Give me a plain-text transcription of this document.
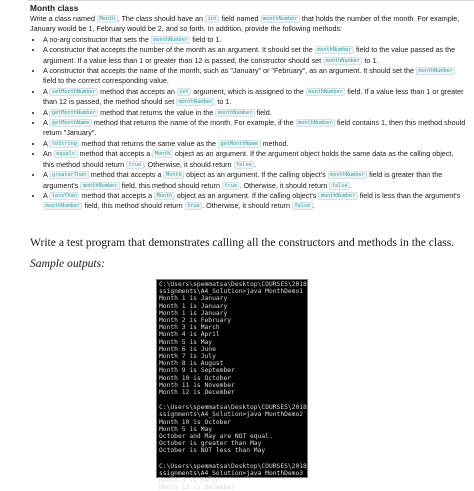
Month class

Write a class named Month . The class should have an int field named monthNumber that holds the number of the month. For example, January would be 1, February would be 2, and so forth. In addition, provide the following methods:

• A no-arg constructor that sets the monthNumber field to 1.
• A constructor that accepts the number of the month as an argument. It should set the monthNumber field to the value passed as the argument. If a value less than 1 or greater than 12 is passed, the constructor should set monthNumber to 1.
• A constructor that accepts the name of the month, such as "January" or "February", as an argument. It should set the monthNumber field to the correct corresponding value.
• A setMonthNumber method that accepts an int argument, which is assigned to the monthNumber field. If a value less than 1 or greater than 12 is passed, the method should set monthNumber to 1.
• A getMonthNumber method that returns the value in the monthNumber field.
• A getMonthName method that returns the name of the month. For example, if the monthNumber field contains 1, then this method should return "January".
• A toString method that returns the same value as the getMonthName method.
• An equals method that accepts a Month object as an argument. If the argument object holds the same data as the calling object, this method should return true . Otherwise, it should return false .
• A greaterThan method that accepts a Month object as an argument. If the calling object's monthNumber field is greater than the argument's monthNumber field, this method should return true . Otherwise, it should return false .
• A lessThan method that accepts a Month object as an argument. If the calling object's monthNumber field is less than the argument's monthNumber field, this method should return true . Otherwise, it should return false .
Write a test program that demonstrates calling all the constructors and methods in the class.
Sample outputs:
C:\Users\spemmatsa\Desktop\COURSES\2018
ssignments\A4_Solution>java MonthDemo1
Month 1 is January
Month 1 is January
Month 1 is January
Month 2 is February
Month 3 is March
Month 4 is April
Month 5 is May
Month 6 is June
Month 7 is July
Month 8 is August
Month 9 is September
Month 10 is October
Month 11 is November
Month 12 is December
C:\Users\spemmatsa\Desktop\COURSES\2018
ssignments\A4_Solution>java MonthDemo2
Month 10 is October
Month 5 is May
October and May are NOT equal.
October is greater than May
October is NOT less than May
C:\Users\spemmatsa\Desktop\COURSES\2018
ssignments\A4_Solution>java MonthDemo3
Month 3 is March
Month 12 is December
